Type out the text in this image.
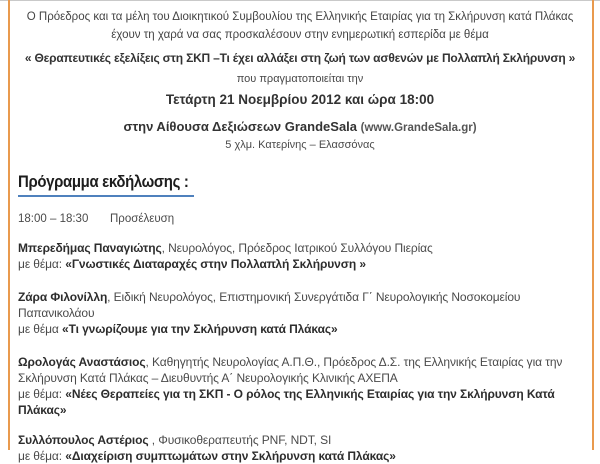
Ο Πρόεδρος και τα μέλη του Διοικητικού Συμβουλίου της Ελληνικής Εταιρίας για τη Σκλήρυνση κατά Πλάκας
έχουν τη χαρά να σας προσκαλέσουν στην ενημερωτική εσπερίδα με θέμα
« Θεραπευτικές εξελίξεις στη ΣΚΠ –Τι έχει αλλάξει στη ζωή των ασθενών με Πολλαπλή Σκλήρυνση »
που πραγματοποιείται την
Τετάρτη 21 Νοεμβρίου 2012 και ώρα 18:00
στην Αίθουσα Δεξιώσεων GrandeSala (www.GrandeSala.gr)
5 χλμ. Κατερίνης – Ελασσόνας
Πρόγραμμα εκδήλωσης :
18:00 – 18:30	Προσέλευση
Μπερεδήμας Παναγιώτης, Νευρολόγος, Πρόεδρος Ιατρικού Συλλόγου Πιερίας
με θέμα: «Γνωστικές Διαταραχές στην Πολλαπλή Σκλήρυνση »
Ζάρα Φιλονίλλη, Ειδική Νευρολόγος, Επιστημονική Συνεργάτιδα Γ΄ Νευρολογικής Νοσοκομείου Παπανικολάου
με θέμα «Τι γνωρίζουμε για την Σκλήρυνση κατά Πλάκας»
Ωρολογάς Αναστάσιος, Καθηγητής Νευρολογίας Α.Π.Θ., Πρόεδρος Δ.Σ. της Ελληνικής Εταιρίας για την Σκλήρυνση Κατά Πλάκας – Διευθυντής Α΄ Νευρολογικής Κλινικής ΑΧΕΠΑ
με θέμα: «Νέες Θεραπείες για τη ΣΚΠ - Ο ρόλος της Ελληνικής Εταιρίας για την Σκλήρυνση Κατά Πλάκας»
Συλλόπουλος Αστέριος , Φυσικοθεραπευτής PNF, NDT, SI
με θέμα: «Διαχείριση συμπτωμάτων στην Σκλήρυνση κατά Πλάκας»
